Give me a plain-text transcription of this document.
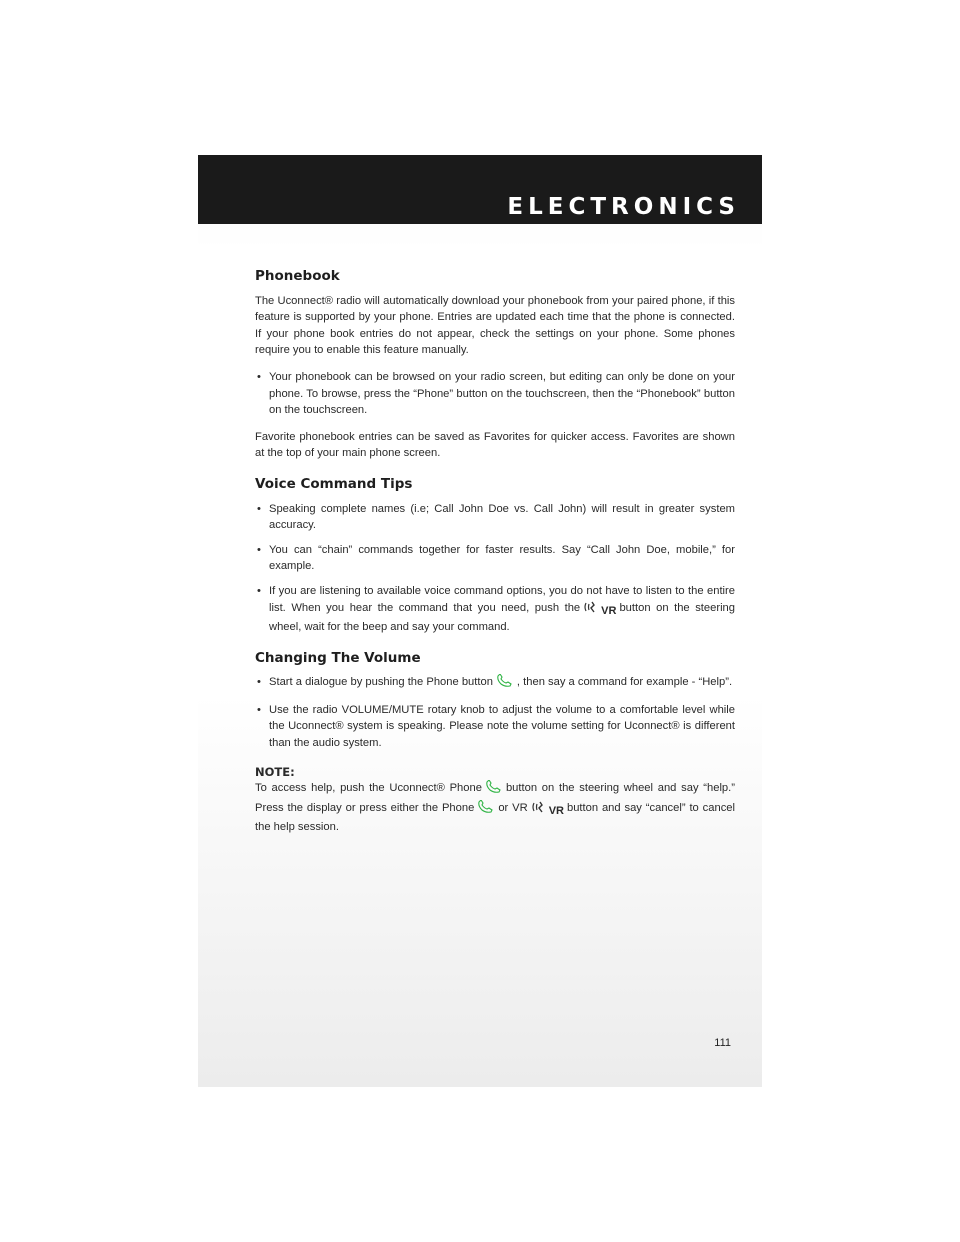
ELECTRONICS
Phonebook

The Uconnect® radio will automatically download your phonebook from your paired phone, if this feature is supported by your phone. Entries are updated each time that the phone is connected. If your phone book entries do not appear, check the settings on your phone. Some phones require you to enable this feature manually.

• Your phonebook can be browsed on your radio screen, but editing can only be done on your phone. To browse, press the “Phone” button on the touchscreen, then the “Phonebook” button on the touchscreen.

Favorite phonebook entries can be saved as Favorites for quicker access. Favorites are shown at the top of your main phone screen.

Voice Command Tips
• Speaking complete names (i.e; Call John Doe vs. Call John) will result in greater system accuracy.
• You can “chain” commands together for faster results. Say “Call John Doe, mobile,” for example.
• If you are listening to available voice command options, you do not have to listen to the entire list. When you hear the command that you need, push the VR button on the steering wheel, wait for the beep and say your command.
Changing The Volume
• Start a dialogue by pushing the Phone button , then say a command for example - “Help”.
• Use the radio VOLUME/MUTE rotary knob to adjust the volume to a comfortable level while the Uconnect® system is speaking. Please note the volume setting for Uconnect® is different than the audio system.
NOTE:

To access help, push the Uconnect® Phone button on the steering wheel and say “help.” Press the display or press either the Phone or VR VR button and say “cancel” to cancel the help session.

111
